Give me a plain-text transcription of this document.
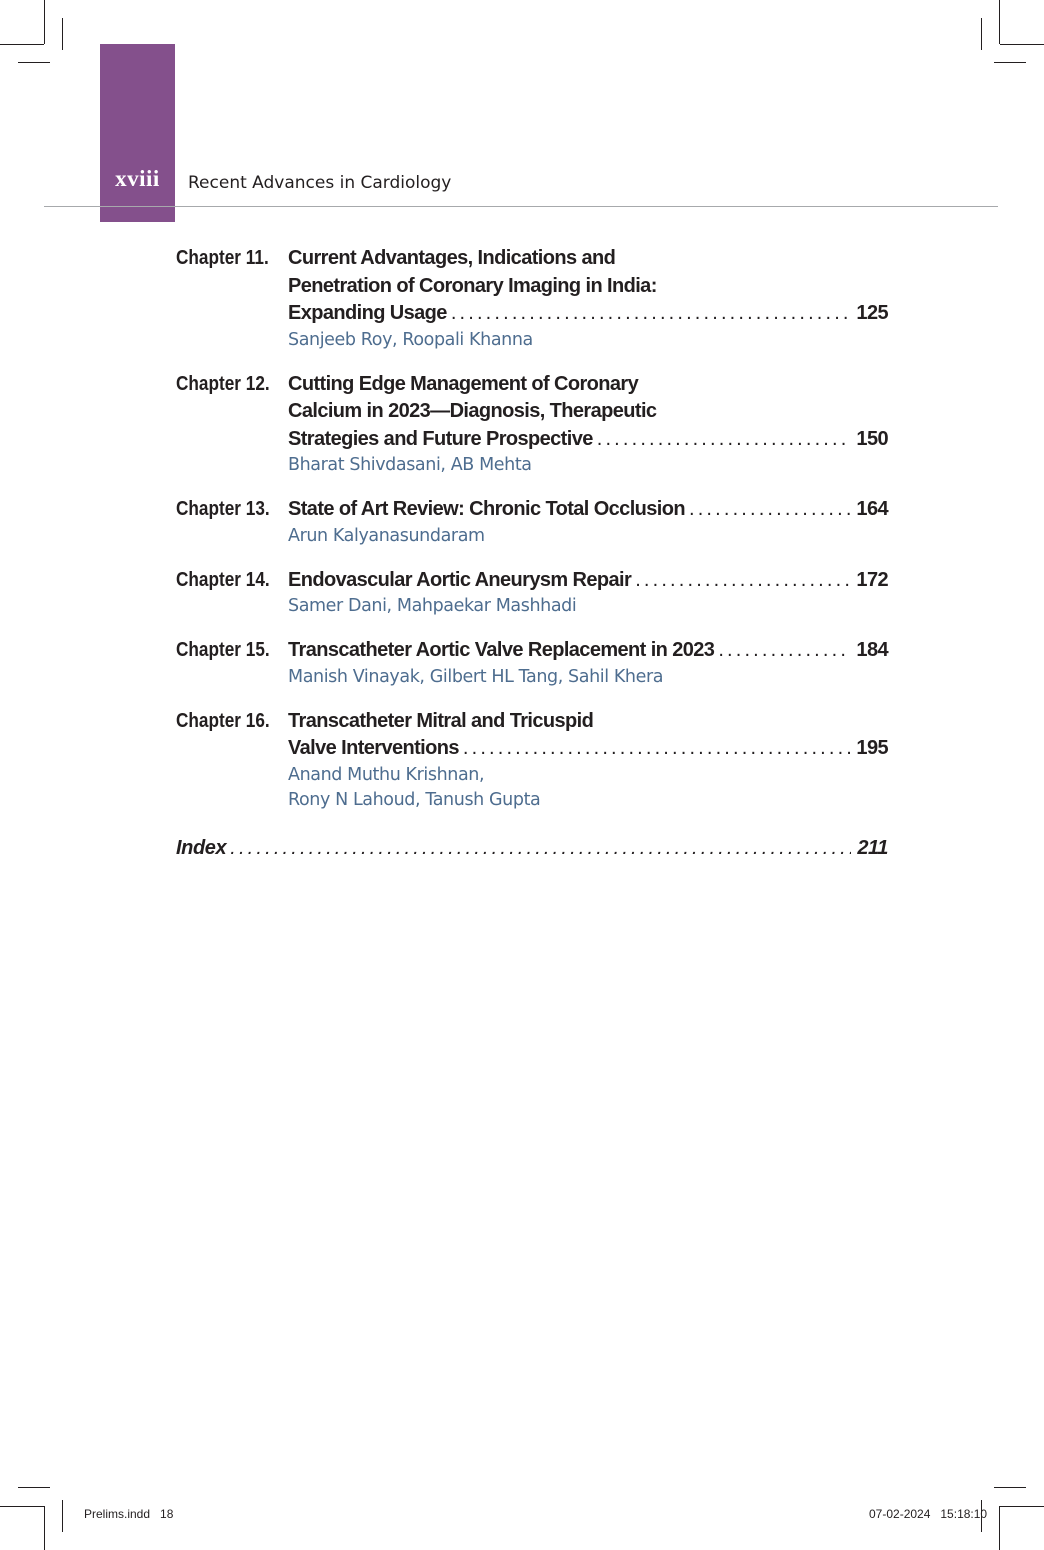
xviii	Recent Advances in Cardiology
Chapter 11. Current Advantages, Indications and
Penetration of Coronary Imaging in India:
Expanding Usage . . .	125
Sanjeeb Roy, Roopali Khanna
Chapter 12. Cutting Edge Management of Coronary
Calcium in 2023—Diagnosis, Therapeutic
Strategies and Future Prospective . . .	150
Bharat Shivdasani, AB Mehta
Chapter 13. State of Art Review: Chronic Total Occlusion . . .	164
Arun Kalyanasundaram
Chapter 14. Endovascular Aortic Aneurysm Repair . . .	172
Samer Dani, Mahpaekar Mashhadi
Chapter 15. Transcatheter Aortic Valve Replacement in 2023 . . .	184
Manish Vinayak, Gilbert HL Tang, Sahil Khera
Chapter 16. Transcatheter Mitral and Tricuspid
Valve Interventions . . .	195
Anand Muthu Krishnan,
Rony N Lahoud, Tanush Gupta
Index . . .	211
Prelims.indd   18	07-02-2024   15:18:10
